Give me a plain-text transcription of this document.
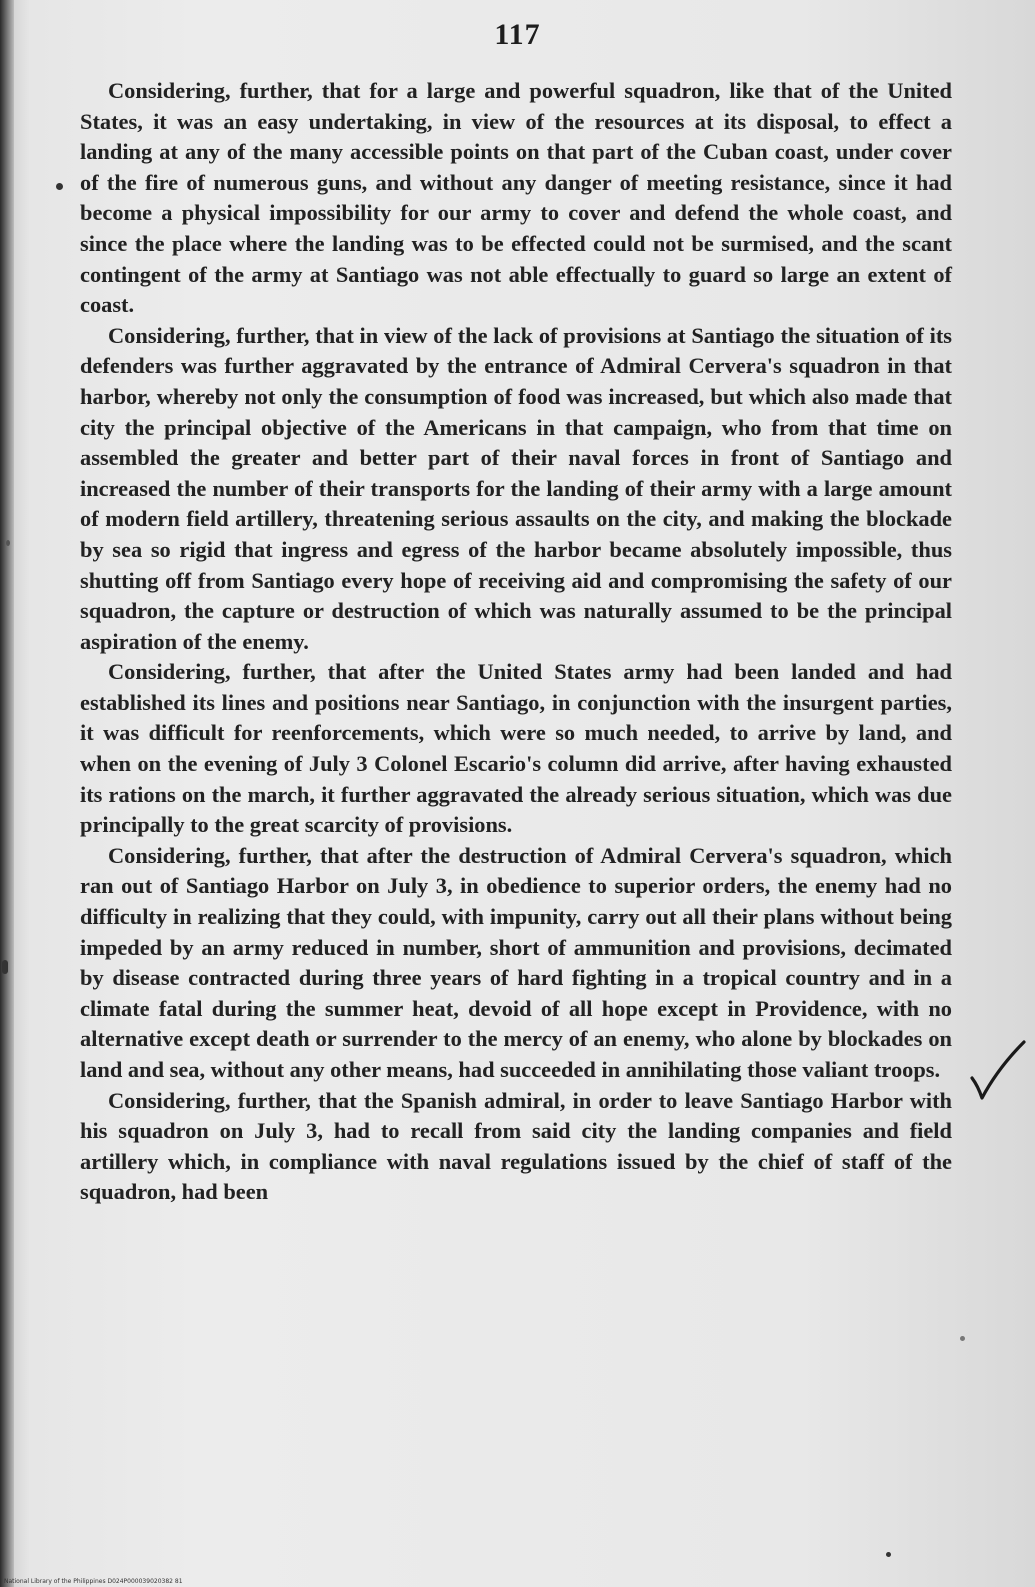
117

Considering, further, that for a large and powerful squadron, like that of the United States, it was an easy undertaking, in view of the resources at its disposal, to effect a landing at any of the many accessible points on that part of the Cuban coast, under cover of the fire of numerous guns, and without any danger of meeting resistance, since it had become a physical impossibility for our army to cover and defend the whole coast, and since the place where the landing was to be effected could not be surmised, and the scant contingent of the army at Santiago was not able effectually to guard so large an extent of coast.

Considering, further, that in view of the lack of provisions at Santiago the situation of its defenders was further aggravated by the entrance of Admiral Cervera's squadron in that harbor, whereby not only the consumption of food was increased, but which also made that city the principal objective of the Americans in that campaign, who from that time on assembled the greater and better part of their naval forces in front of Santiago and increased the number of their transports for the landing of their army with a large amount of modern field artillery, threatening serious assaults on the city, and making the blockade by sea so rigid that ingress and egress of the harbor became absolutely impossible, thus shutting off from Santiago every hope of receiving aid and compromising the safety of our squadron, the capture or destruction of which was naturally assumed to be the principal aspiration of the enemy.

Considering, further, that after the United States army had been landed and had established its lines and positions near Santiago, in conjunction with the insurgent parties, it was difficult for reenforcements, which were so much needed, to arrive by land, and when on the evening of July 3 Colonel Escario's column did arrive, after having exhausted its rations on the march, it further aggravated the already serious situation, which was due principally to the great scarcity of provisions.

Considering, further, that after the destruction of Admiral Cervera's squadron, which ran out of Santiago Harbor on July 3, in obedience to superior orders, the enemy had no difficulty in realizing that they could, with impunity, carry out all their plans without being impeded by an army reduced in number, short of ammunition and provisions, decimated by disease contracted during three years of hard fighting in a tropical country and in a climate fatal during the summer heat, devoid of all hope except in Providence, with no alternative except death or surrender to the mercy of an enemy, who alone by blockades on land and sea, without any other means, had succeeded in annihilating those valiant troops.

Considering, further, that the Spanish admiral, in order to leave Santiago Harbor with his squadron on July 3, had to recall from said city the landing companies and field artillery which, in compliance with naval regulations issued by the chief of staff of the squadron, had been

National Library of the Philippines D024P000039020382 81
